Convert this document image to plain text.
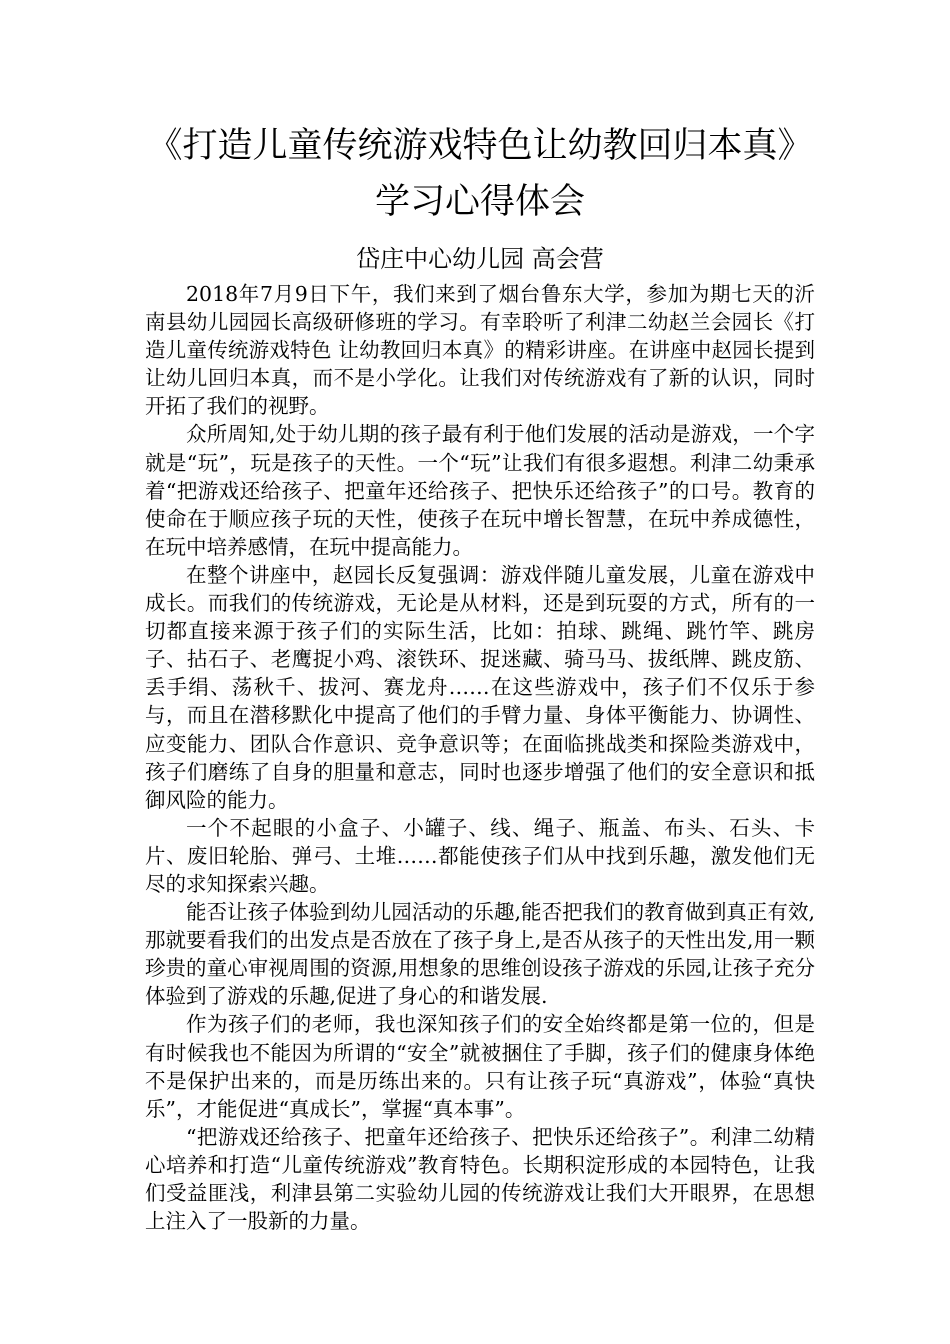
《打造儿童传统游戏特色让幼教回归本真》
学习心得体会
岱庄中心幼儿园 高会营

2018年7月9日下午，我们来到了烟台鲁东大学，参加为期七天的沂南县幼儿园园长高级研修班的学习。有幸聆听了利津二幼赵兰会园长《打造儿童传统游戏特色 让幼教回归本真》的精彩讲座。在讲座中赵园长提到让幼儿回归本真，而不是小学化。让我们对传统游戏有了新的认识，同时开拓了我们的视野。

众所周知,处于幼儿期的孩子最有利于他们发展的活动是游戏，一个字就是“玩”，玩是孩子的天性。一个“玩”让我们有很多遐想。利津二幼秉承着“把游戏还给孩子、把童年还给孩子、把快乐还给孩子”的口号。教育的使命在于顺应孩子玩的天性，使孩子在玩中增长智慧，在玩中养成德性，在玩中培养感情，在玩中提高能力。

在整个讲座中，赵园长反复强调：游戏伴随儿童发展，儿童在游戏中成长。而我们的传统游戏，无论是从材料，还是到玩耍的方式，所有的一切都直接来源于孩子们的实际生活，比如：拍球、跳绳、跳竹竿、跳房子、拈石子、老鹰捉小鸡、滚铁环、捉迷藏、骑马马、拔纸牌、跳皮筋、丢手绢、荡秋千、拔河、赛龙舟……在这些游戏中，孩子们不仅乐于参与，而且在潜移默化中提高了他们的手臂力量、身体平衡能力、协调性、应变能力、团队合作意识、竞争意识等；在面临挑战类和探险类游戏中，孩子们磨练了自身的胆量和意志，同时也逐步增强了他们的安全意识和抵御风险的能力。

一个不起眼的小盒子、小罐子、线、绳子、瓶盖、布头、石头、卡片、废旧轮胎、弹弓、土堆……都能使孩子们从中找到乐趣，激发他们无尽的求知探索兴趣。

能否让孩子体验到幼儿园活动的乐趣,能否把我们的教育做到真正有效,那就要看我们的出发点是否放在了孩子身上,是否从孩子的天性出发,用一颗珍贵的童心审视周围的资源,用想象的思维创设孩子游戏的乐园,让孩子充分体验到了游戏的乐趣,促进了身心的和谐发展.

作为孩子们的老师，我也深知孩子们的安全始终都是第一位的，但是有时候我也不能因为所谓的“安全”就被捆住了手脚，孩子们的健康身体绝不是保护出来的，而是历练出来的。只有让孩子玩“真游戏”，体验“真快乐”，才能促进“真成长”，掌握“真本事”。

“把游戏还给孩子、把童年还给孩子、把快乐还给孩子”。利津二幼精心培养和打造“儿童传统游戏”教育特色。长期积淀形成的本园特色，让我们受益匪浅，利津县第二实验幼儿园的传统游戏让我们大开眼界，在思想上注入了一股新的力量。
